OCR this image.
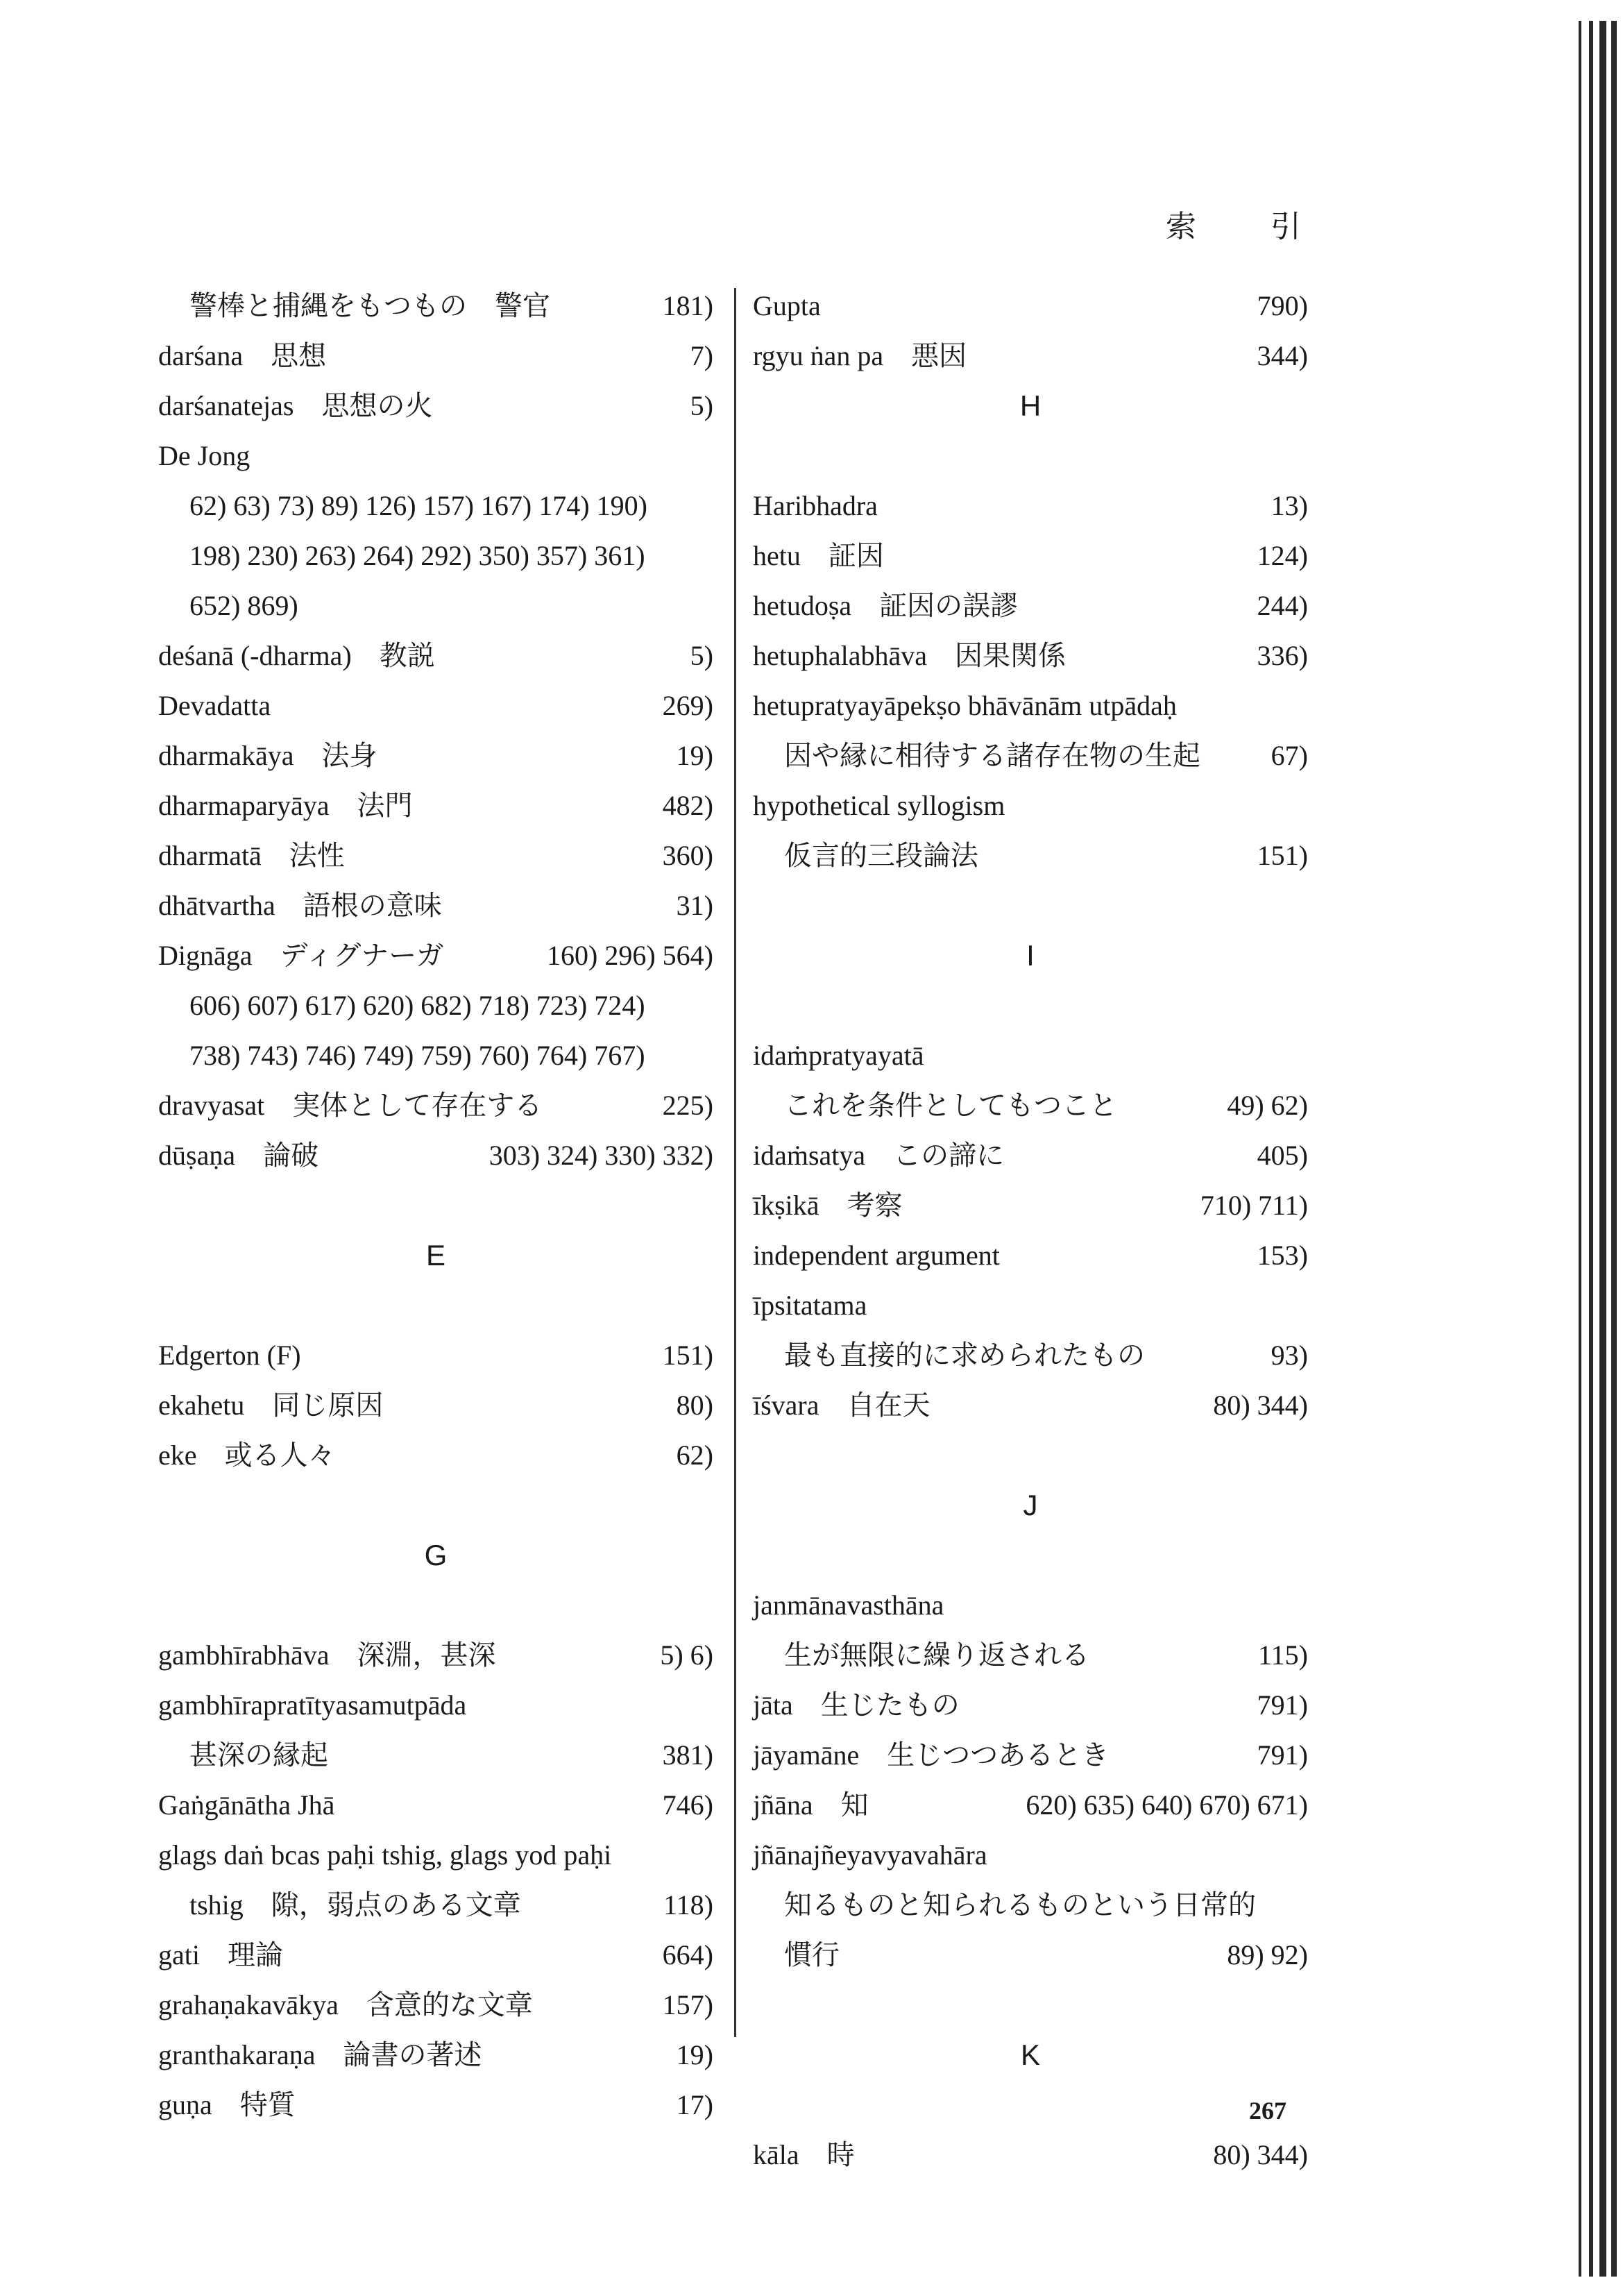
索 引
警棒と捕縄をもつもの　警官	181)
darśana　思想	7)
darśanatejas　思想の火	5)
De Jong
62) 63) 73) 89) 126) 157) 167) 174) 190)
198) 230) 263) 264) 292) 350) 357) 361)
652) 869)
deśanā (-dharma)　教説	5)
Devadatta	269)
dharmakāya　法身	19)
dharmaparyāya　法門	482)
dharmatā　法性	360)
dhātvartha　語根の意味	31)
Dignāga　ディグナーガ	160) 296) 564)
606) 607) 617) 620) 682) 718) 723) 724)
738) 743) 746) 749) 759) 760) 764) 767)
dravyasat　実体として存在する	225)
dūṣaṇa　論破	303) 324) 330) 332)
E
Edgerton (F)	151)
ekahetu　同じ原因	80)
eke　或る人々	62)
G
gambhīrabhāva　深淵，甚深	5) 6)
gambhīrapratītyasamutpāda
甚深の縁起	381)
Gaṅgānātha Jhā	746)
glags daṅ bcas paḥi tshig, glags yod paḥi
tshig　隙，弱点のある文章	118)
gati　理論	664)
grahaṇakavākya　含意的な文章	157)
granthakaraṇa　論書の著述	19)
guṇa　特質	17)
Gupta	790)
rgyu ṅan pa　悪因	344)
H
Haribhadra	13)
hetu　証因	124)
hetudoṣa　証因の誤謬	244)
hetuphalabhāva　因果関係	336)
hetupratyayāpekṣo bhāvānām utpādaḥ
因や縁に相待する諸存在物の生起	67)
hypothetical syllogism
仮言的三段論法	151)
I
idaṁpratyayatā
これを条件としてもつこと	49) 62)
idaṁsatya　この諦に	405)
īkṣikā　考察	710) 711)
independent argument	153)
īpsitatama
最も直接的に求められたもの	93)
īśvara　自在天	80) 344)
J
janmānavasthāna
生が無限に繰り返される	115)
jāta　生じたもの	791)
jāyamāne　生じつつあるとき	791)
jñāna　知	620) 635) 640) 670) 671)
jñānajñeyavyavahāra
知るものと知られるものという日常的
慣行	89) 92)
K
kāla　時	80) 344)
267
